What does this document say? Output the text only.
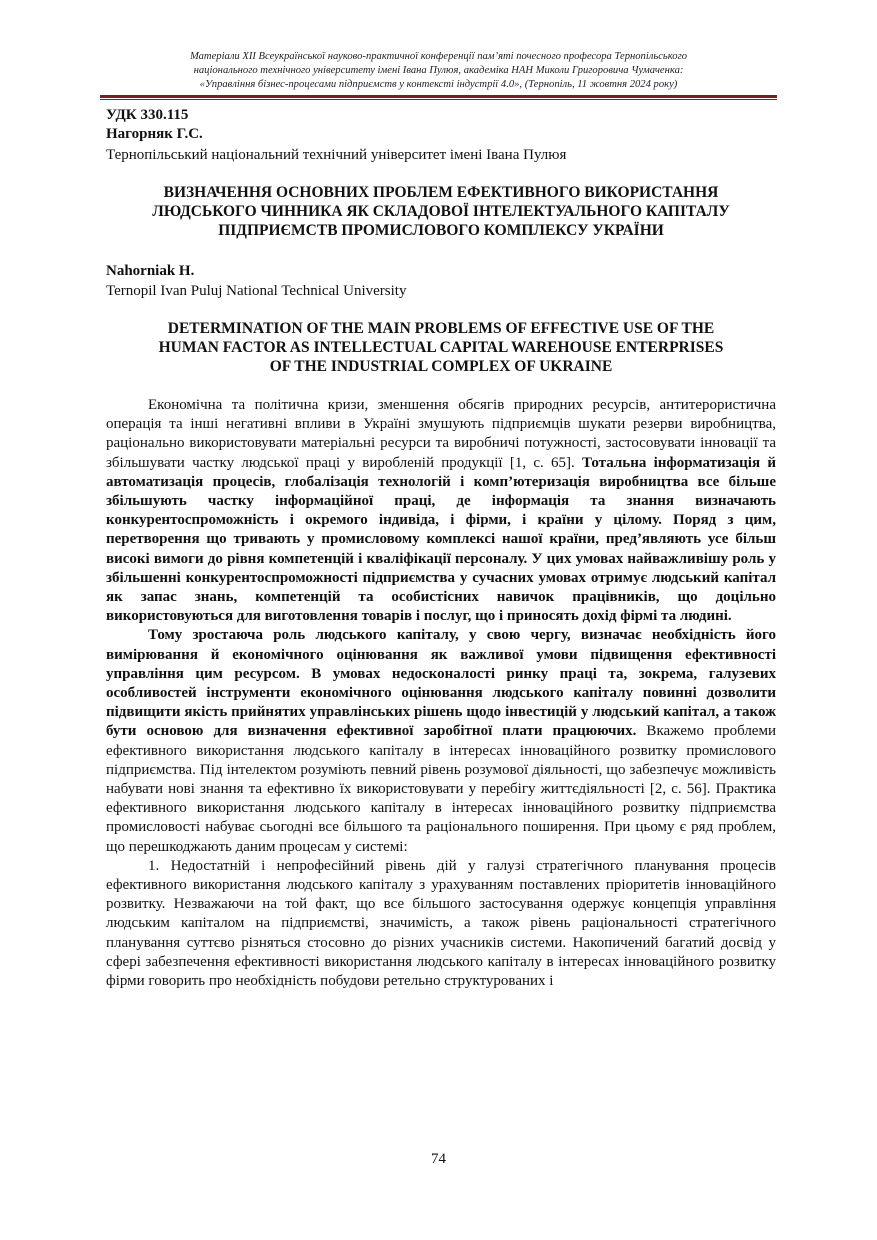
Матеріали XII Всеукраїнської науково-практичної конференції пам’яті почесного професора Тернопільського
національного технічного університету імені Івана Пулюя, академіка НАН Миколи Григоровича Чумаченка:
«Управління бізнес-процесами підприємств у контексті індустрії 4.0», (Тернопіль, 11 жовтня 2024 року)
УДК 330.115
Нагорняк Г.С.
Тернопільський національний технічний університет імені Івана Пулюя
ВИЗНАЧЕННЯ ОСНОВНИХ ПРОБЛЕМ ЕФЕКТИВНОГО ВИКОРИСТАННЯ
ЛЮДСЬКОГО ЧИННИКА ЯК СКЛАДОВОЇ ІНТЕЛЕКТУАЛЬНОГО КАПІТАЛУ
ПІДПРИЄМСТВ ПРОМИСЛОВОГО КОМПЛЕКСУ УКРАЇНИ
Nahorniak H.
Ternopil Ivan Puluj National Technical University
DETERMINATION OF THE MAIN PROBLEMS OF EFFECTIVE USE OF THE
HUMAN FACTOR AS INTELLECTUAL CAPITAL WAREHOUSE ENTERPRISES
OF THE INDUSTRIAL COMPLEX OF UKRAINE

Економічна та політична кризи, зменшення обсягів природних ресурсів, антитерористична операція та інші негативні впливи в Україні змушують підприємців шукати резерви виробництва, раціонально використовувати матеріальні ресурси та виробничі потужності, застосовувати інновації та збільшувати частку людської праці у виробленій продукції [1, с. 65]. Тотальна інформатизація й автоматизація процесів, глобалізація технологій і комп’ютеризація виробництва все більше збільшують частку інформаційної праці, де інформація та знання визначають конкурентоспроможність і окремого індивіда, і фірми, і країни у цілому. Поряд з цим, перетворення що тривають у промисловому комплексі нашої країни, пред’являють усе більш високі вимоги до рівня компетенцій і кваліфікації персоналу. У цих умовах найважливішу роль у збільшенні конкурентоспроможності підприємства у сучасних умовах отримує людський капітал як запас знань, компетенцій та особистісних навичок працівників, що доцільно використовуються для виготовлення товарів і послуг, що і приносять дохід фірмі та людині.

Тому зростаюча роль людського капіталу, у свою чергу, визначає необхідність його вимірювання й економічного оцінювання як важливої умови підвищення ефективності управління цим ресурсом. В умовах недосконалості ринку праці та, зокрема, галузевих особливостей інструменти економічного оцінювання людського капіталу повинні дозволити підвищити якість прийнятих управлінських рішень щодо інвестицій у людський капітал, а також бути основою для визначення ефективної заробітної плати працюючих. Вкажемо проблеми ефективного використання людського капіталу в інтересах інноваційного розвитку промислового підприємства. Під інтелектом розуміють певний рівень розумової діяльності, що забезпечує можливість набувати нові знання та ефективно їх використовувати у перебігу життєдіяльності [2, с. 56]. Практика ефективного використання людського капіталу в інтересах інноваційного розвитку підприємства промисловості набуває сьогодні все більшого та раціонального поширення. При цьому є ряд проблем, що перешкоджають даним процесам у системі:

1. Недостатній і непрофесійний рівень дій у галузі стратегічного планування процесів ефективного використання людського капіталу з урахуванням поставлених пріоритетів інноваційного розвитку. Незважаючи на той факт, що все більшого застосування одержує концепція управління людським капіталом на підприємстві, значимість, а також рівень раціональності стратегічного планування суттєво різняться стосовно до різних учасників системи. Накопичений багатий досвід у сфері забезпечення ефективності використання людського капіталу в інтересах інноваційного розвитку фірми говорить про необхідність побудови ретельно структурованих і

74
